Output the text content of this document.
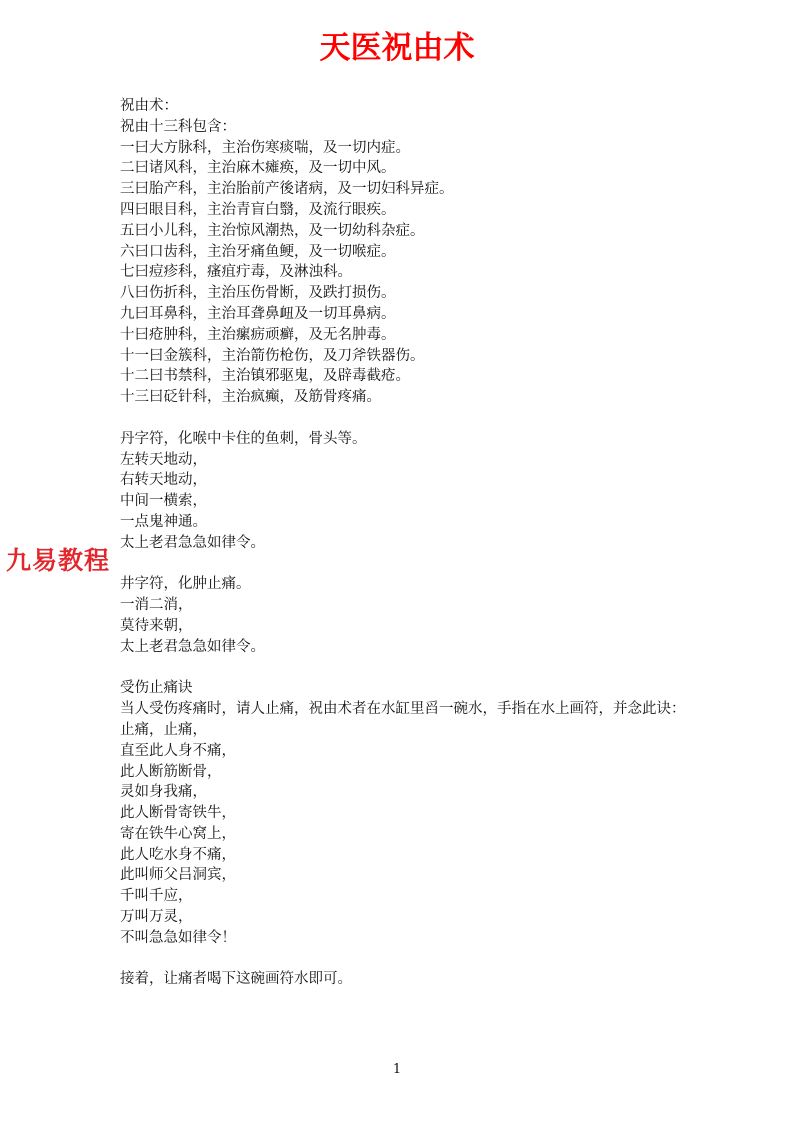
天医祝由术
祝由术：
祝由十三科包含：
一曰大方脉科，主治伤寒痰喘，及一切内症。
二曰诸风科，主治麻木瘫痪，及一切中风。
三曰胎产科，主治胎前产後诸病，及一切妇科异症。
四曰眼目科，主治青盲白翳，及流行眼疾。
五曰小儿科，主治惊风潮热，及一切幼科杂症。
六曰口齿科，主治牙痛鱼鲠，及一切喉症。
七曰痘疹科，瘙疽疔毒，及淋浊科。
八曰伤折科，主治压伤骨断，及跌打损伤。
九曰耳鼻科，主治耳聋鼻衄及一切耳鼻病。
十曰疮肿科，主治瘰疬顽癣，及无名肿毒。
十一曰金簇科，主治箭伤枪伤，及刀斧铁器伤。
十二曰书禁科，主治镇邪驱鬼，及辟毒截疮。
十三曰砭针科，主治疯癫，及筋骨疼痛。
丹字符，化喉中卡住的鱼刺，骨头等。
左转天地动，
右转天地动，
中间一横索，
一点鬼神通。
太上老君急急如律令。
井字符，化肿止痛。
一消二消，
莫待来朝，
太上老君急急如律令。
受伤止痛诀
当人受伤疼痛时，请人止痛，祝由术者在水缸里舀一碗水，手指在水上画符，并念此诀：
止痛，止痛，
直至此人身不痛，
此人断筋断骨，
灵如身我痛，
此人断骨寄铁牛，
寄在铁牛心窝上，
此人吃水身不痛，
此叫师父吕洞宾，
千叫千应，
万叫万灵，
不叫急急如律令！
接着，让痛者喝下这碗画符水即可。
九易教程
1
